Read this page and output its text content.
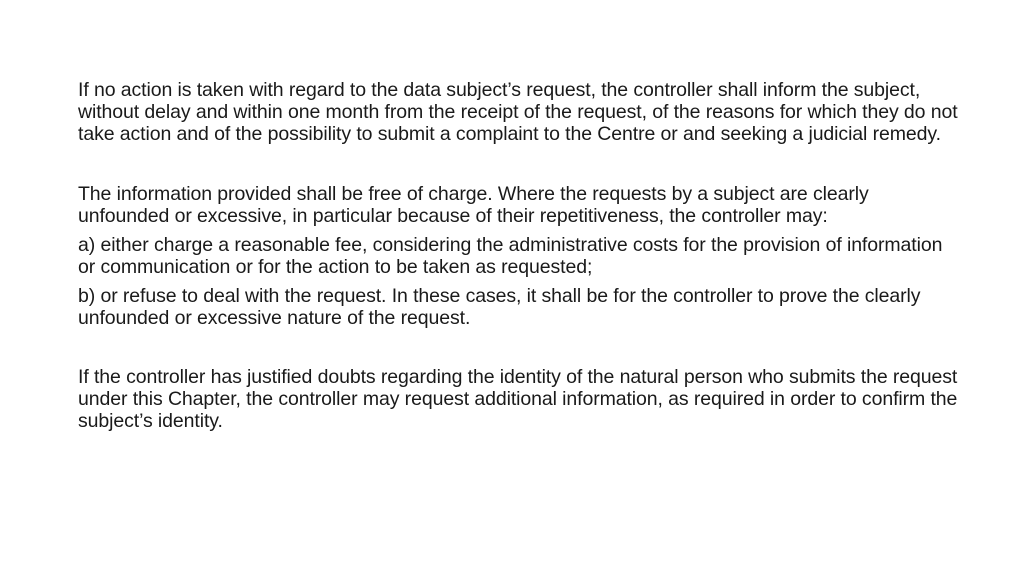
If no action is taken with regard to the data subject’s request, the controller shall inform the subject, without delay and within one month from the receipt of the request, of the reasons for which they do not take action and of the possibility to submit a complaint to the Centre or and seeking a judicial remedy.

The information provided shall be free of charge. Where the requests by a subject are clearly unfounded or excessive, in particular because of their repetitiveness, the controller may:

a) either charge a reasonable fee, considering the administrative costs for the provision of information or communication or for the action to be taken as requested;

b) or refuse to deal with the request. In these cases, it shall be for the controller to prove the clearly unfounded or excessive nature of the request.

If the controller has justified doubts regarding the identity of the natural person who submits the request under this Chapter, the controller may request additional information, as required in order to confirm the subject’s identity.
